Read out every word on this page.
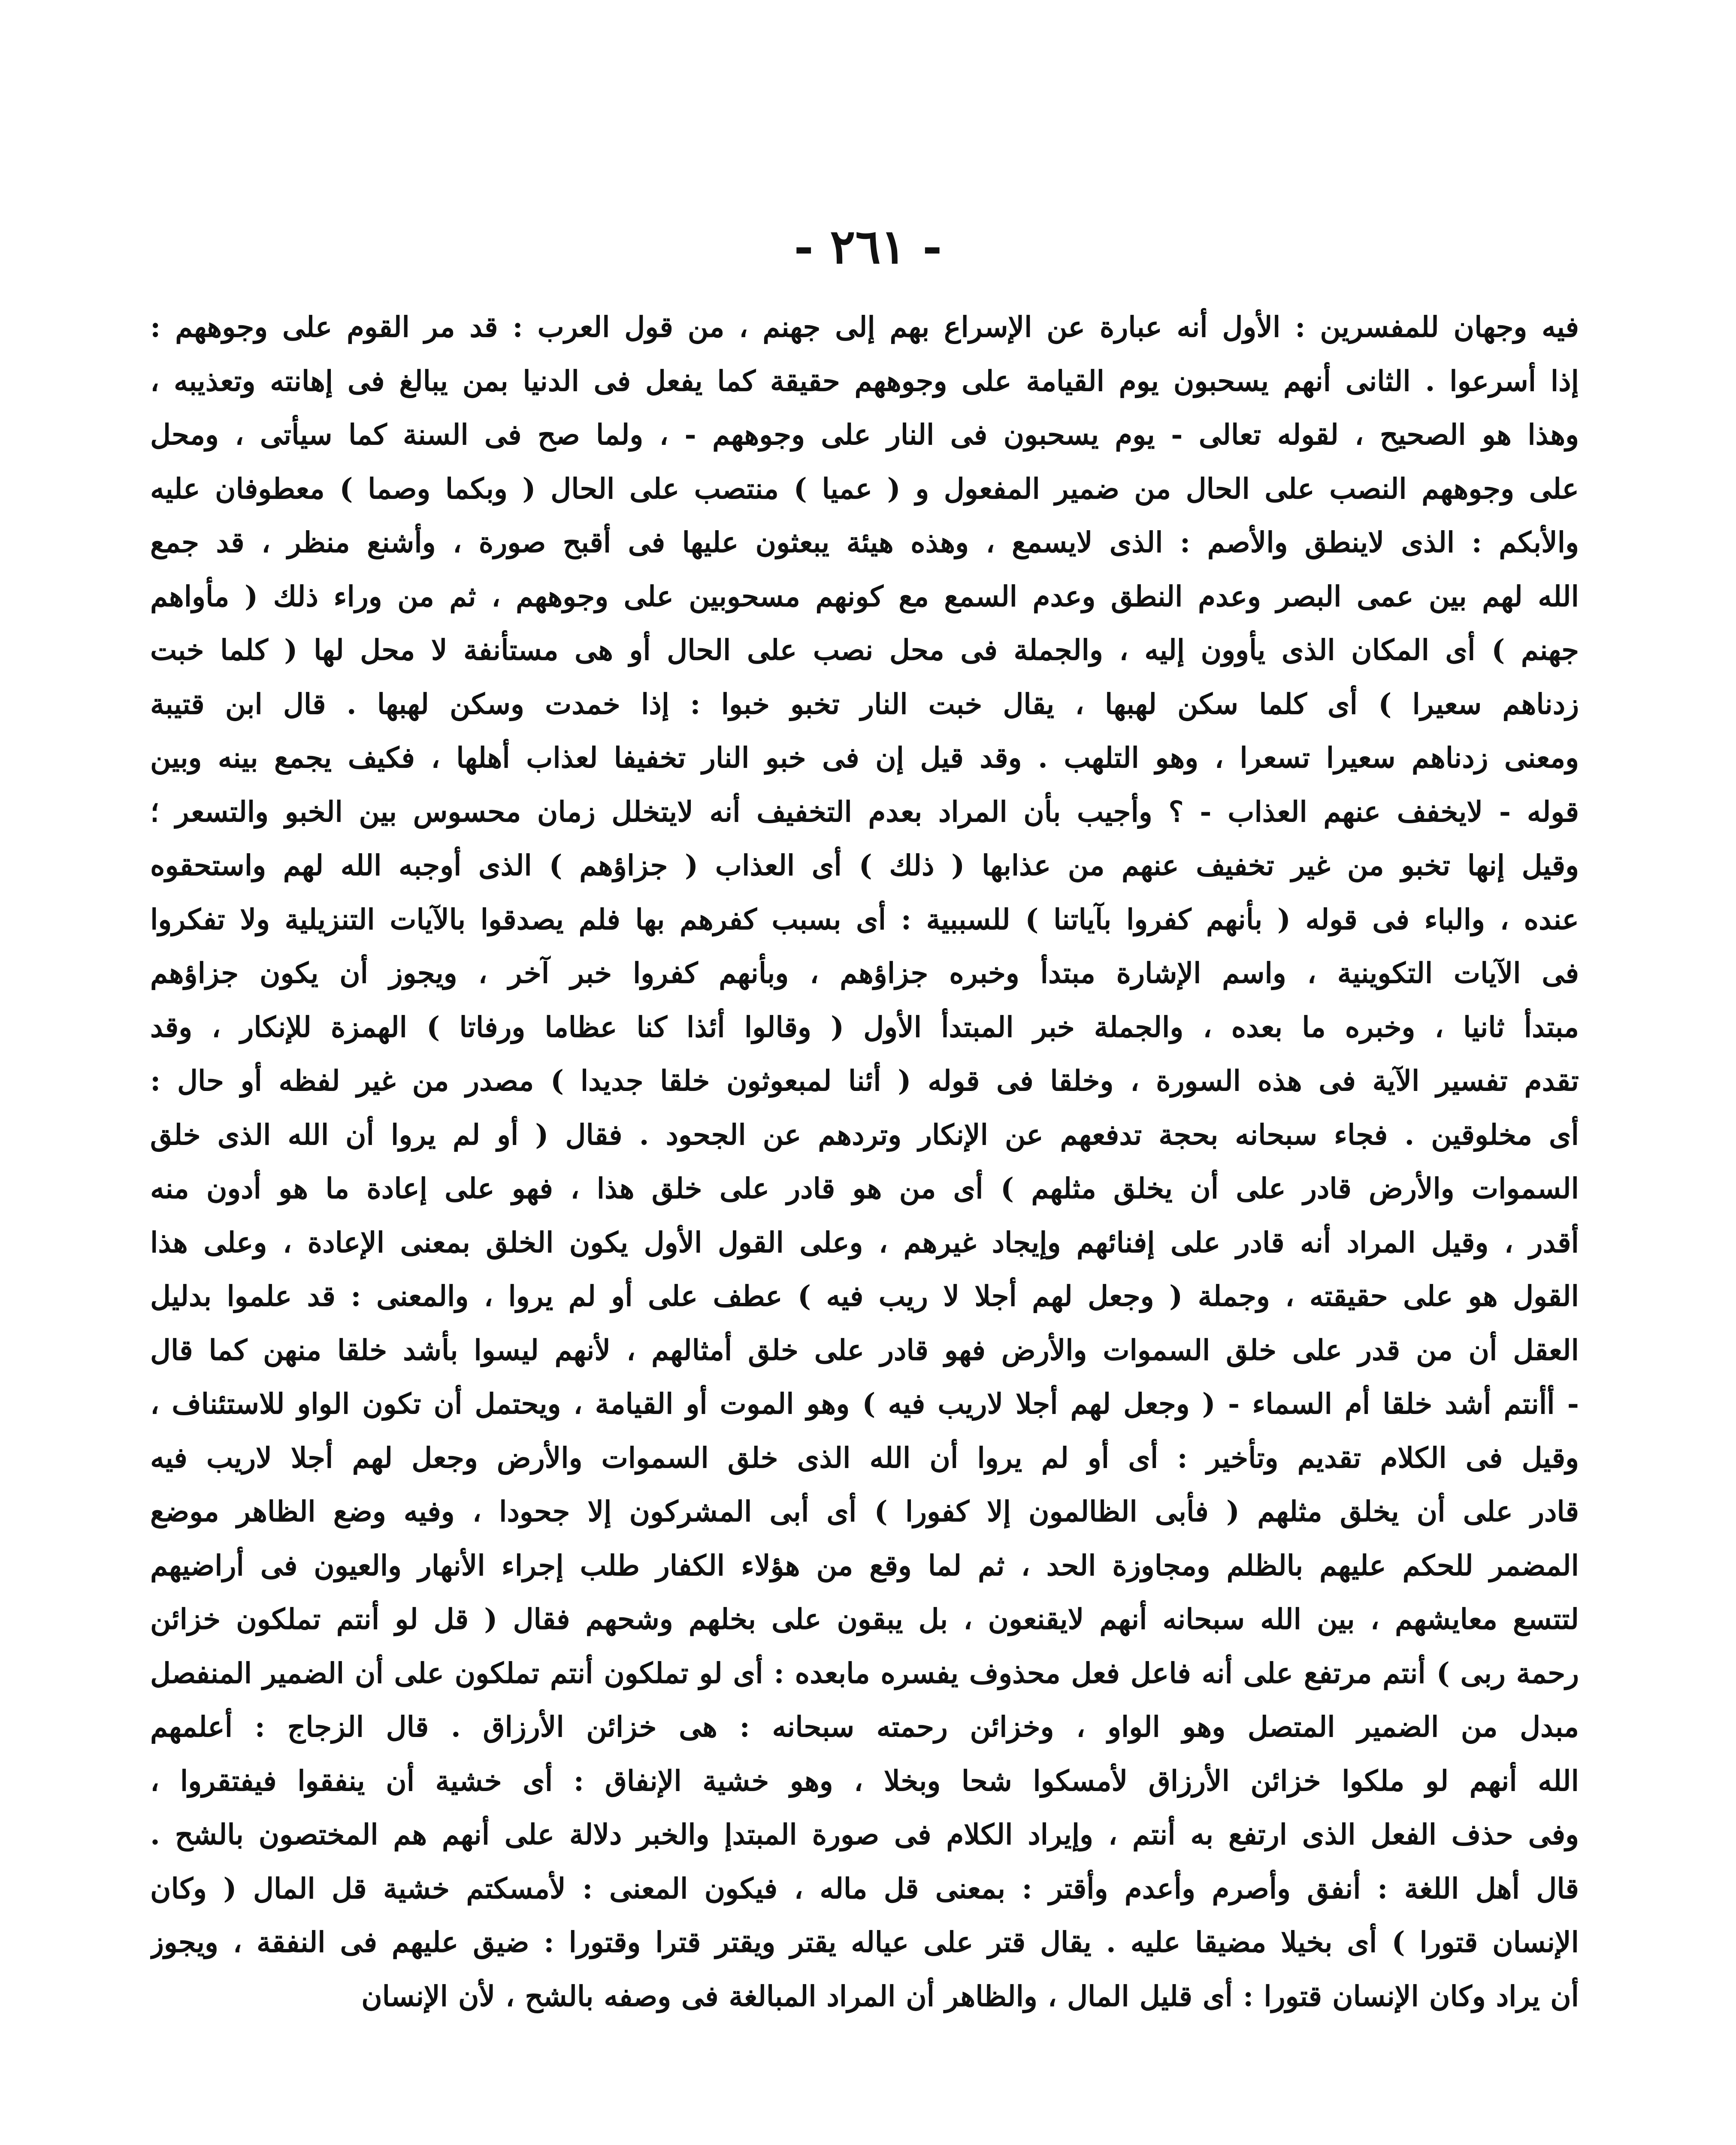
- ٢٦١ -
فيه وجهان للمفسرين : الأول أنه عبارة عن الإسراع بهم إلى جهنم ، من قول العرب : قد مر القوم على وجوههم :
إذا أسرعوا . الثانى أنهم يسحبون يوم القيامة على وجوههم حقيقة كما يفعل فى الدنيا بمن يبالغ فى إهانته وتعذيبه ،
وهذا هو الصحيح ، لقوله تعالى - يوم يسحبون فى النار على وجوههم - ، ولما صح فى السنة كما سيأتى ، ومحل
على وجوههم النصب على الحال من ضمير المفعول و ( عميا ) منتصب على الحال ( وبكما وصما ) معطوفان عليه
والأبكم : الذى لاينطق والأصم : الذى لايسمع ، وهذه هيئة يبعثون عليها فى أقبح صورة ، وأشنع منظر ، قد جمع
الله لهم بين عمى البصر وعدم النطق وعدم السمع مع كونهم مسحوبين على وجوههم ، ثم من وراء ذلك ( مأواهم
جهنم ) أى المكان الذى يأوون إليه ، والجملة فى محل نصب على الحال أو هى مستأنفة لا محل لها ( كلما خبت
زدناهم سعيرا ) أى كلما سكن لهبها ، يقال خبت النار تخبو خبوا : إذا خمدت وسكن لهبها . قال ابن قتيبة
ومعنى زدناهم سعيرا تسعرا ، وهو التلهب . وقد قيل إن فى خبو النار تخفيفا لعذاب أهلها ، فكيف يجمع بينه وبين
قوله - لايخفف عنهم العذاب - ؟ وأجيب بأن المراد بعدم التخفيف أنه لايتخلل زمان محسوس بين الخبو والتسعر ؛
وقيل إنها تخبو من غير تخفيف عنهم من عذابها ( ذلك ) أى العذاب ( جزاؤهم ) الذى أوجبه الله لهم واستحقوه
عنده ، والباء فى قوله ( بأنهم كفروا بآياتنا ) للسببية : أى بسبب كفرهم بها فلم يصدقوا بالآيات التنزيلية ولا تفكروا
فى الآيات التكوينية ، واسم الإشارة مبتدأ وخبره جزاؤهم ، وبأنهم كفروا خبر آخر ، ويجوز أن يكون جزاؤهم
مبتدأ ثانيا ، وخبره ما بعده ، والجملة خبر المبتدأ الأول ( وقالوا أئذا كنا عظاما ورفاتا ) الهمزة للإنكار ، وقد
تقدم تفسير الآية فى هذه السورة ، وخلقا فى قوله ( أئنا لمبعوثون خلقا جديدا ) مصدر من غير لفظه أو حال :
أى مخلوقين . فجاء سبحانه بحجة تدفعهم عن الإنكار وتردهم عن الجحود . فقال ( أو لم يروا أن الله الذى خلق
السموات والأرض قادر على أن يخلق مثلهم ) أى من هو قادر على خلق هذا ، فهو على إعادة ما هو أدون منه
أقدر ، وقيل المراد أنه قادر على إفنائهم وإيجاد غيرهم ، وعلى القول الأول يكون الخلق بمعنى الإعادة ، وعلى هذا
القول هو على حقيقته ، وجملة ( وجعل لهم أجلا لا ريب فيه ) عطف على أو لم يروا ، والمعنى : قد علموا بدليل
العقل أن من قدر على خلق السموات والأرض فهو قادر على خلق أمثالهم ، لأنهم ليسوا بأشد خلقا منهن كما قال
- أأنتم أشد خلقا أم السماء - ( وجعل لهم أجلا لاريب فيه ) وهو الموت أو القيامة ، ويحتمل أن تكون الواو للاستئناف ،
وقيل فى الكلام تقديم وتأخير : أى أو لم يروا أن الله الذى خلق السموات والأرض وجعل لهم أجلا لاريب فيه
قادر على أن يخلق مثلهم ( فأبى الظالمون إلا كفورا ) أى أبى المشركون إلا جحودا ، وفيه وضع الظاهر موضع
المضمر للحكم عليهم بالظلم ومجاوزة الحد ، ثم لما وقع من هؤلاء الكفار طلب إجراء الأنهار والعيون فى أراضيهم
لتتسع معايشهم ، بين الله سبحانه أنهم لايقنعون ، بل يبقون على بخلهم وشحهم فقال ( قل لو أنتم تملكون خزائن
رحمة ربى ) أنتم مرتفع على أنه فاعل فعل محذوف يفسره مابعده : أى لو تملكون أنتم تملكون على أن الضمير المنفصل
مبدل من الضمير المتصل وهو الواو ، وخزائن رحمته سبحانه : هى خزائن الأرزاق . قال الزجاج : أعلمهم
الله أنهم لو ملكوا خزائن الأرزاق لأمسكوا شحا وبخلا ، وهو خشية الإنفاق : أى خشية أن ينفقوا فيفتقروا ،
وفى حذف الفعل الذى ارتفع به أنتم ، وإيراد الكلام فى صورة المبتدإ والخبر دلالة على أنهم هم المختصون بالشح .
قال أهل اللغة : أنفق وأصرم وأعدم وأقتر : بمعنى قل ماله ، فيكون المعنى : لأمسكتم خشية قل المال ( وكان
الإنسان قتورا ) أى بخيلا مضيقا عليه . يقال قتر على عياله يقتر ويقتر قترا وقتورا : ضيق عليهم فى النفقة ، ويجوز
أن يراد وكان الإنسان قتورا : أى قليل المال ، والظاهر أن المراد المبالغة فى وصفه بالشح ، لأن الإنسان
